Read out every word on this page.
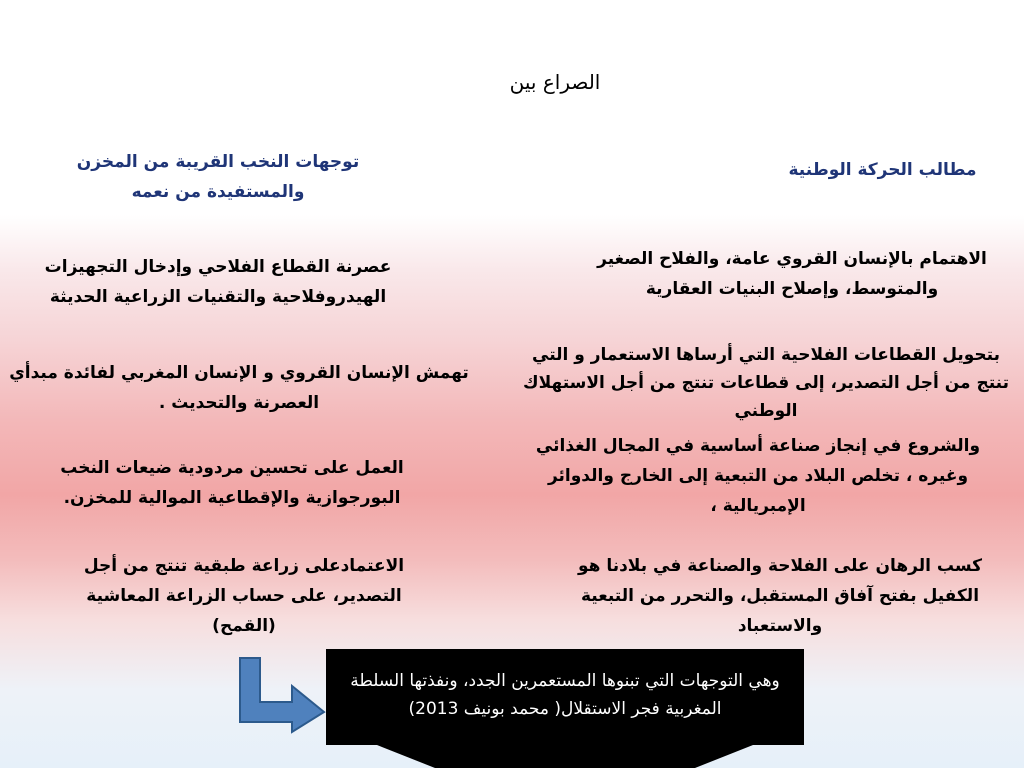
الصراع بين
توجهات النخب القريبة من المخزن والمستفيدة من نعمه
عصرنة القطاع الفلاحي وإدخال التجهيزات الهيدروفلاحية والتقنيات الزراعية الحديثة
تهمش الإنسان القروي و الإنسان المغربي لفائدة مبدأي العصرنة والتحديث .
العمل على تحسين مردودية ضيعات النخب البورجوازية والإقطاعية الموالية للمخزن.
الاعتمادعلى زراعة طبقية تنتج من أجل التصدير، على حساب الزراعة المعاشية (القمح)
مطالب الحركة الوطنية
الاهتمام بالإنسان القروي عامة، والفلاح الصغير والمتوسط، وإصلاح البنيات العقارية
بتحويل القطاعات الفلاحية التي أرساها الاستعمار و التي تنتج من أجل التصدير، إلى قطاعات تنتج من أجل الاستهلاك الوطني
والشروع في إنجاز صناعة أساسية في المجال الغذائي وغيره ، تخلص البلاد من التبعية إلى الخارج والدوائر الإمبريالية ،
كسب الرهان على الفلاحة والصناعة في بلادنا هو الكفيل بفتح آفاق المستقبل، والتحرر من التبعية والاستعباد
وهي التوجهات التي تبنوها المستعمرين الجدد، ونفذتها السلطة المغربية فجر الاستقلال( محمد بونيف 2013)
